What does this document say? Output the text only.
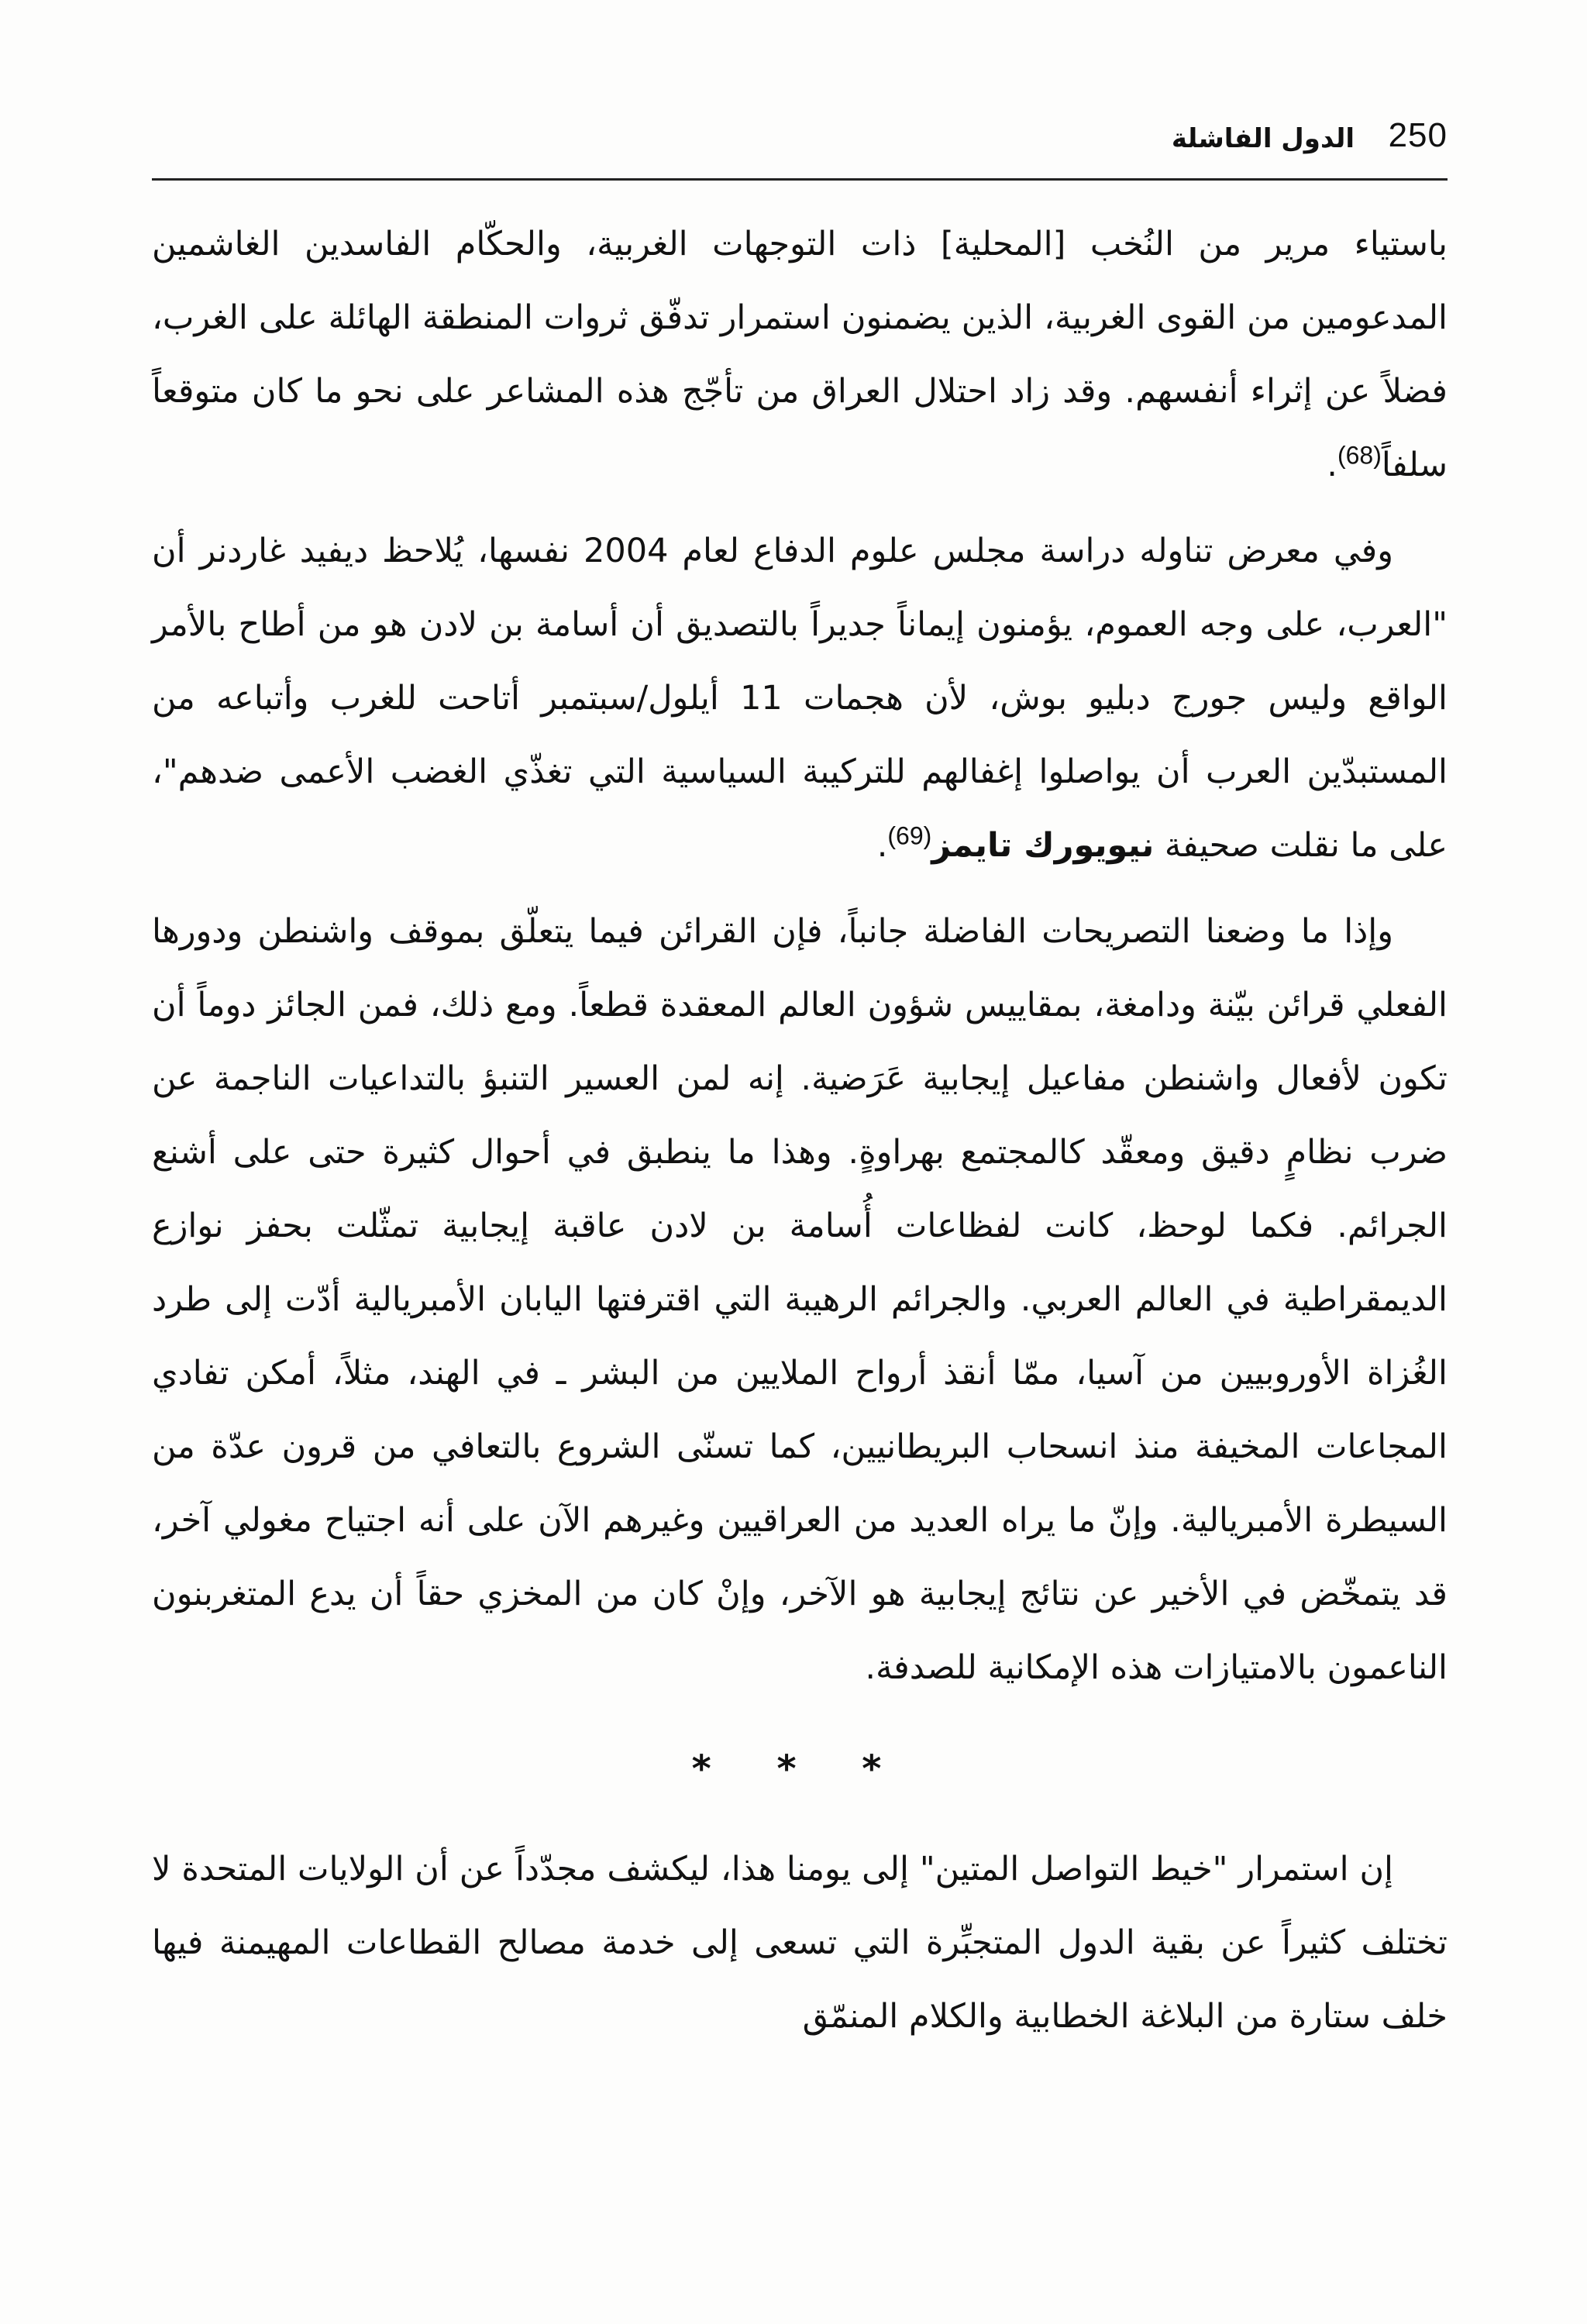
250
الدول الفاشلة

باستياء مرير من النُخب [المحلية] ذات التوجهات الغربية، والحكّام الفاسدين الغاشمين المدعومين من القوى الغربية، الذين يضمنون استمرار تدفّق ثروات المنطقة الهائلة على الغرب، فضلاً عن إثراء أنفسهم. وقد زاد احتلال العراق من تأجّج هذه المشاعر على نحو ما كان متوقعاً سلفاً$^{(68)}$.

وفي معرض تناوله دراسة مجلس علوم الدفاع لعام 2004 نفسها، يُلاحظ ديفيد غاردنر أن "العرب، على وجه العموم، يؤمنون إيماناً جديراً بالتصديق أن أسامة بن لادن هو من أطاح بالأمر الواقع وليس جورج دبليو بوش، لأن هجمات 11 أيلول/سبتمبر أتاحت للغرب وأتباعه من المستبدّين العرب أن يواصلوا إغفالهم للتركيبة السياسية التي تغذّي الغضب الأعمى ضدهم"، على ما نقلت صحيفة نيويورك تايمز$^{(69)}$.

وإذا ما وضعنا التصريحات الفاضلة جانباً، فإن القرائن فيما يتعلّق بموقف واشنطن ودورها الفعلي قرائن بيّنة ودامغة، بمقاييس شؤون العالم المعقدة قطعاً. ومع ذلك، فمن الجائز دوماً أن تكون لأفعال واشنطن مفاعيل إيجابية عَرَضية. إنه لمن العسير التنبؤ بالتداعيات الناجمة عن ضرب نظامٍ دقيق ومعقّد كالمجتمع بهراوةٍ. وهذا ما ينطبق في أحوال كثيرة حتى على أشنع الجرائم. فكما لوحظ، كانت لفظاعات أُسامة بن لادن عاقبة إيجابية تمثّلت بحفز نوازع الديمقراطية في العالم العربي. والجرائم الرهيبة التي اقترفتها اليابان الأمبريالية أدّت إلى طرد الغُزاة الأوروبيين من آسيا، ممّا أنقذ أرواح الملايين من البشر ـ في الهند، مثلاً، أمكن تفادي المجاعات المخيفة منذ انسحاب البريطانيين، كما تسنّى الشروع بالتعافي من قرون عدّة من السيطرة الأمبريالية. وإنّ ما يراه العديد من العراقيين وغيرهم الآن على أنه اجتياح مغولي آخر، قد يتمخّض في الأخير عن نتائج إيجابية هو الآخر، وإنْ كان من المخزي حقاً أن يدع المتغربنون الناعمون بالامتيازات هذه الإمكانية للصدفة.

* * *

إن استمرار "خيط التواصل المتين" إلى يومنا هذا، ليكشف مجدّداً عن أن الولايات المتحدة لا تختلف كثيراً عن بقية الدول المتجبِّرة التي تسعى إلى خدمة مصالح القطاعات المهيمنة فيها خلف ستارة من البلاغة الخطابية والكلام المنمّق
